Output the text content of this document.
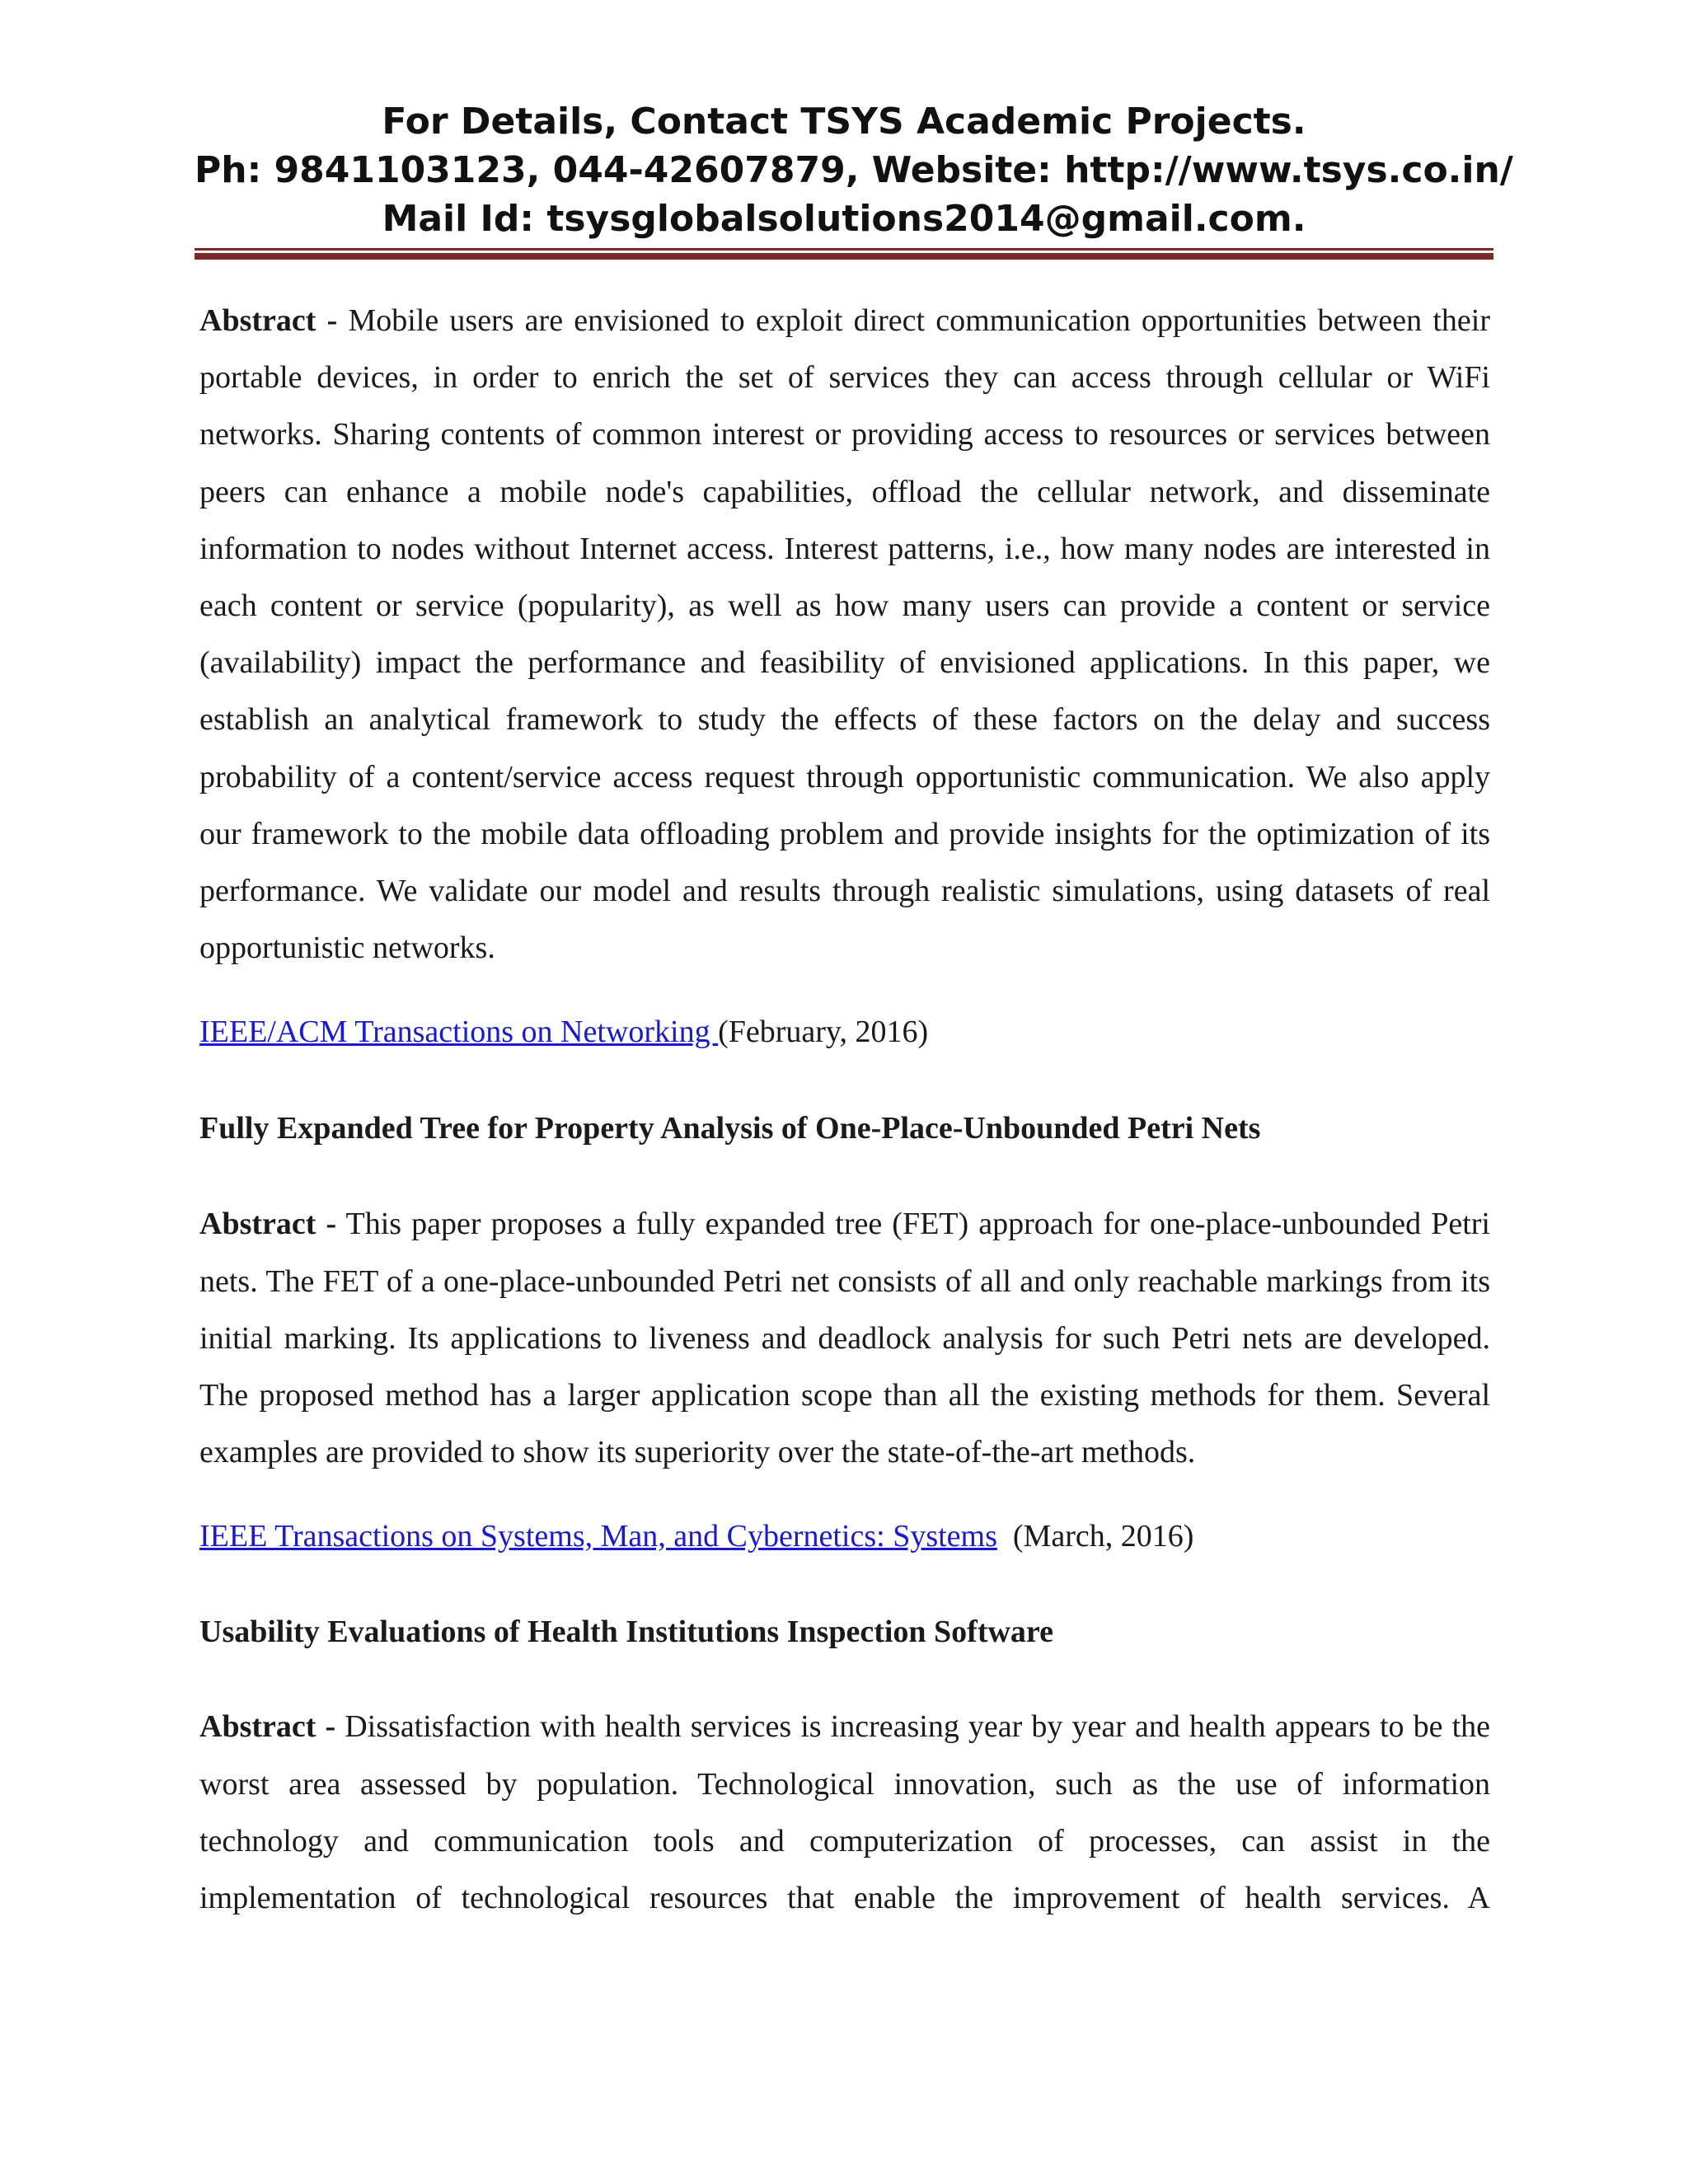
For Details, Contact TSYS Academic Projects.
Ph: 9841103123, 044-42607879, Website: http://www.tsys.co.in/
Mail Id: tsysglobalsolutions2014@gmail.com.

Abstract - Mobile users are envisioned to exploit direct communication opportunities between their portable devices, in order to enrich the set of services they can access through cellular or WiFi networks. Sharing contents of common interest or providing access to resources or services between peers can enhance a mobile node's capabilities, offload the cellular network, and disseminate information to nodes without Internet access. Interest patterns, i.e., how many nodes are interested in each content or service (popularity), as well as how many users can provide a content or service (availability) impact the performance and feasibility of envisioned applications. In this paper, we establish an analytical framework to study the effects of these factors on the delay and success probability of a content/service access request through opportunistic communication. We also apply our framework to the mobile data offloading problem and provide insights for the optimization of its performance. We validate our model and results through realistic simulations, using datasets of real opportunistic networks.

IEEE/ACM Transactions on Networking (February, 2016)

Fully Expanded Tree for Property Analysis of One-Place-Unbounded Petri Nets

Abstract - This paper proposes a fully expanded tree (FET) approach for one-place-unbounded Petri nets. The FET of a one-place-unbounded Petri net consists of all and only reachable markings from its initial marking. Its applications to liveness and deadlock analysis for such Petri nets are developed. The proposed method has a larger application scope than all the existing methods for them. Several examples are provided to show its superiority over the state-of-the-art methods.

IEEE Transactions on Systems, Man, and Cybernetics: Systems  (March, 2016)

Usability Evaluations of Health Institutions Inspection Software

Abstract - Dissatisfaction with health services is increasing year by year and health appears to be the worst area assessed by population. Technological innovation, such as the use of information technology and communication tools and computerization of processes, can assist in the implementation of technological resources that enable the improvement of health services. A
